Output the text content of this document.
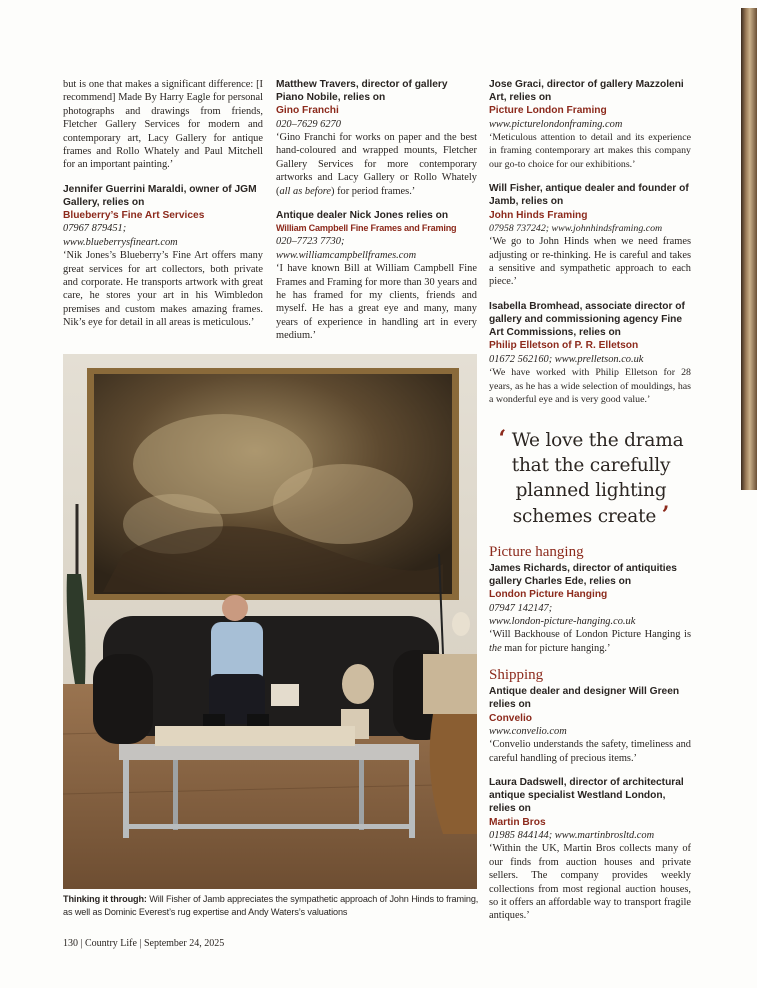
but is one that makes a significant difference: [I recommend] Made By Harry Eagle for personal photographs and drawings from friends, Fletcher Gallery Services for modern and contemporary art, Lacy Gallery for antique frames and Rollo Whately and Paul Mitchell for an important painting.’

Jennifer Guerrini Maraldi, owner of JGM Gallery, relies on

Blueberry’s Fine Art Services

07967 879451;

www.blueberrysfineart.com

‘Nik Jones’s Blueberry’s Fine Art offers many great services for art collectors, both private and corporate. He transports artwork with great care, he stores your art in his Wimbledon premises and custom makes amazing frames. Nik’s eye for detail in all areas is meticulous.’

Matthew Travers, director of gallery Piano Nobile, relies on

Gino Franchi

020–7629 6270

‘Gino Franchi for works on paper and the best hand-coloured and wrapped mounts, Fletcher Gallery Services for more contemporary artworks and Lacy Gallery or Rollo Whately (all as before) for period frames.’

Antique dealer Nick Jones relies on

William Campbell Fine Frames and Framing

020–7723 7730;

www.williamcampbellframes.com

‘I have known Bill at William Campbell Fine Frames and Framing for more than 30 years and he has framed for my clients, friends and myself. He has a great eye and many, many years of experience in handling art in every medium.’

Jose Graci, director of gallery Mazzoleni Art, relies on

Picture London Framing

www.picturelondonframing.com

‘Meticulous attention to detail and its experience in framing contemporary art makes this company our go-to choice for our exhibitions.’

Will Fisher, antique dealer and founder of Jamb, relies on

John Hinds Framing

07958 737242; www.johnhindsframing.com

‘We go to John Hinds when we need frames adjusting or re-thinking. He is careful and takes a sensitive and sympathetic approach to each piece.’

Isabella Bromhead, associate director of gallery and commissioning agency Fine Art Commissions, relies on

Philip Elletson of P. R. Elletson

01672 562160; www.prelletson.co.uk

‘We have worked with Philip Elletson for 28 years, as he has a wide selection of mouldings, has a wonderful eye and is very good value.’

‘ We love the drama that the carefully planned lighting schemes create ’
Picture hanging

James Richards, director of antiquities gallery Charles Ede, relies on

London Picture Hanging

07947 142147;

www.london-picture-hanging.co.uk

‘Will Backhouse of London Picture Hanging is the man for picture hanging.’

Shipping

Antique dealer and designer Will Green relies on

Convelio

www.convelio.com

‘Convelio understands the safety, timeliness and careful handling of precious items.’

Laura Dadswell, director of architectural antique specialist Westland London, relies on

Martin Bros

01985 844144; www.martinbrosltd.com

‘Within the UK, Martin Bros collects many of our finds from auction houses and private sellers. The company provides weekly collections from most regional auction houses, so it offers an affordable way to transport fragile antiques.’

Thinking it through: Will Fisher of Jamb appreciates the sympathetic approach of John Hinds to framing, as well as Dominic Everest’s rug expertise and Andy Waters’s valuations
130 | Country Life | September 24, 2025
